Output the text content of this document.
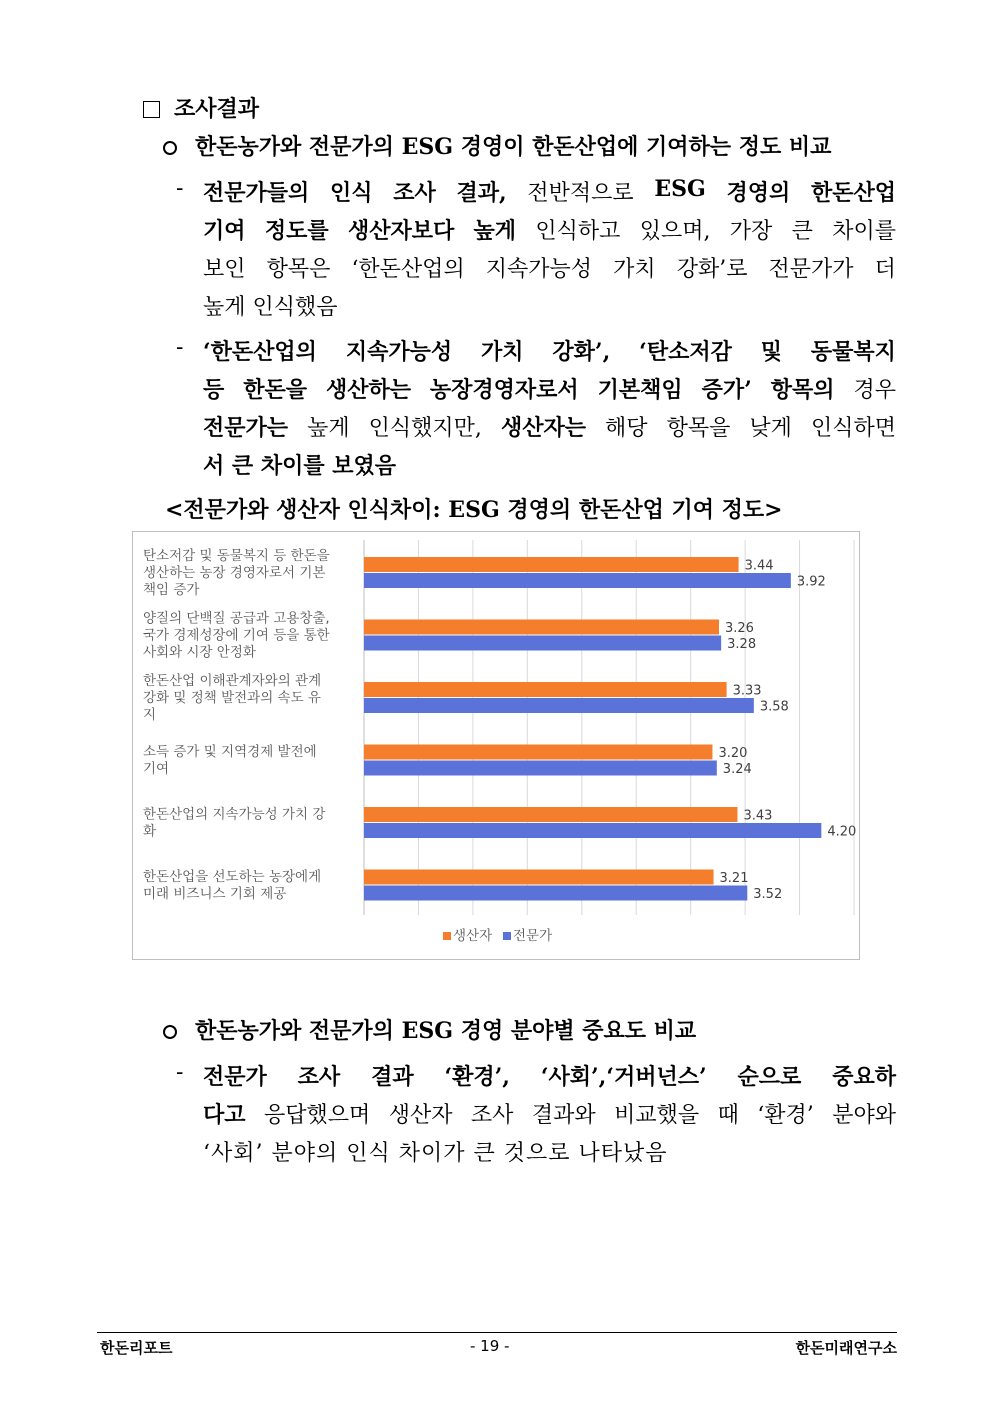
조사결과
한돈농가와 전문가의 ESG 경영이 한돈산업에 기여하는 정도 비교
- 전문가들의 인식 조사 결과, 전반적으로 ESG 경영의 한돈산업
기여 정도를 생산자보다 높게 인식하고 있으며, 가장 큰 차이를
보인 항목은 ‘한돈산업의 지속가능성 가치 강화’로 전문가가 더
높게 인식했음
- ‘한돈산업의 지속가능성 가치 강화’, ‘탄소저감 및 동물복지
등 한돈을 생산하는 농장경영자로서 기본책임 증가’ 항목의 경우
전문가는 높게 인식했지만, 생산자는 해당 항목을 낮게 인식하면
서 큰 차이를 보였음
<전문가와 생산자 인식차이: ESG 경영의 한돈산업 기여 정도>
3.44
3.92
탄소저감 및 동물복지 등 한돈을
생산하는 농장 경영자로서 기본
책임 증가
3.26
3.28
양질의 단백질 공급과 고용창출,
국가 경제성장에 기여 등을 통한
사회와 시장 안정화
3.33
3.58
한돈산업 이해관계자와의 관계
강화 및 정책 발전과의 속도 유
지
3.20
3.24
소득 증가 및 지역경제 발전에
기여
3.43
4.20
한돈산업의 지속가능성 가치 강
화
3.21
3.52
한돈산업을 선도하는 농장에게
미래 비즈니스 기회 제공
생산자 전문가
한돈농가와 전문가의 ESG 경영 분야별 중요도 비교
- 전문가 조사 결과 ‘환경’, ‘사회’,‘거버넌스’ 순으로 중요하
다고 응답했으며 생산자 조사 결과와 비교했을 때 ‘환경’ 분야와
‘사회’ 분야의 인식 차이가 큰 것으로 나타났음
한돈리포트	- 19 -	한돈미래연구소
